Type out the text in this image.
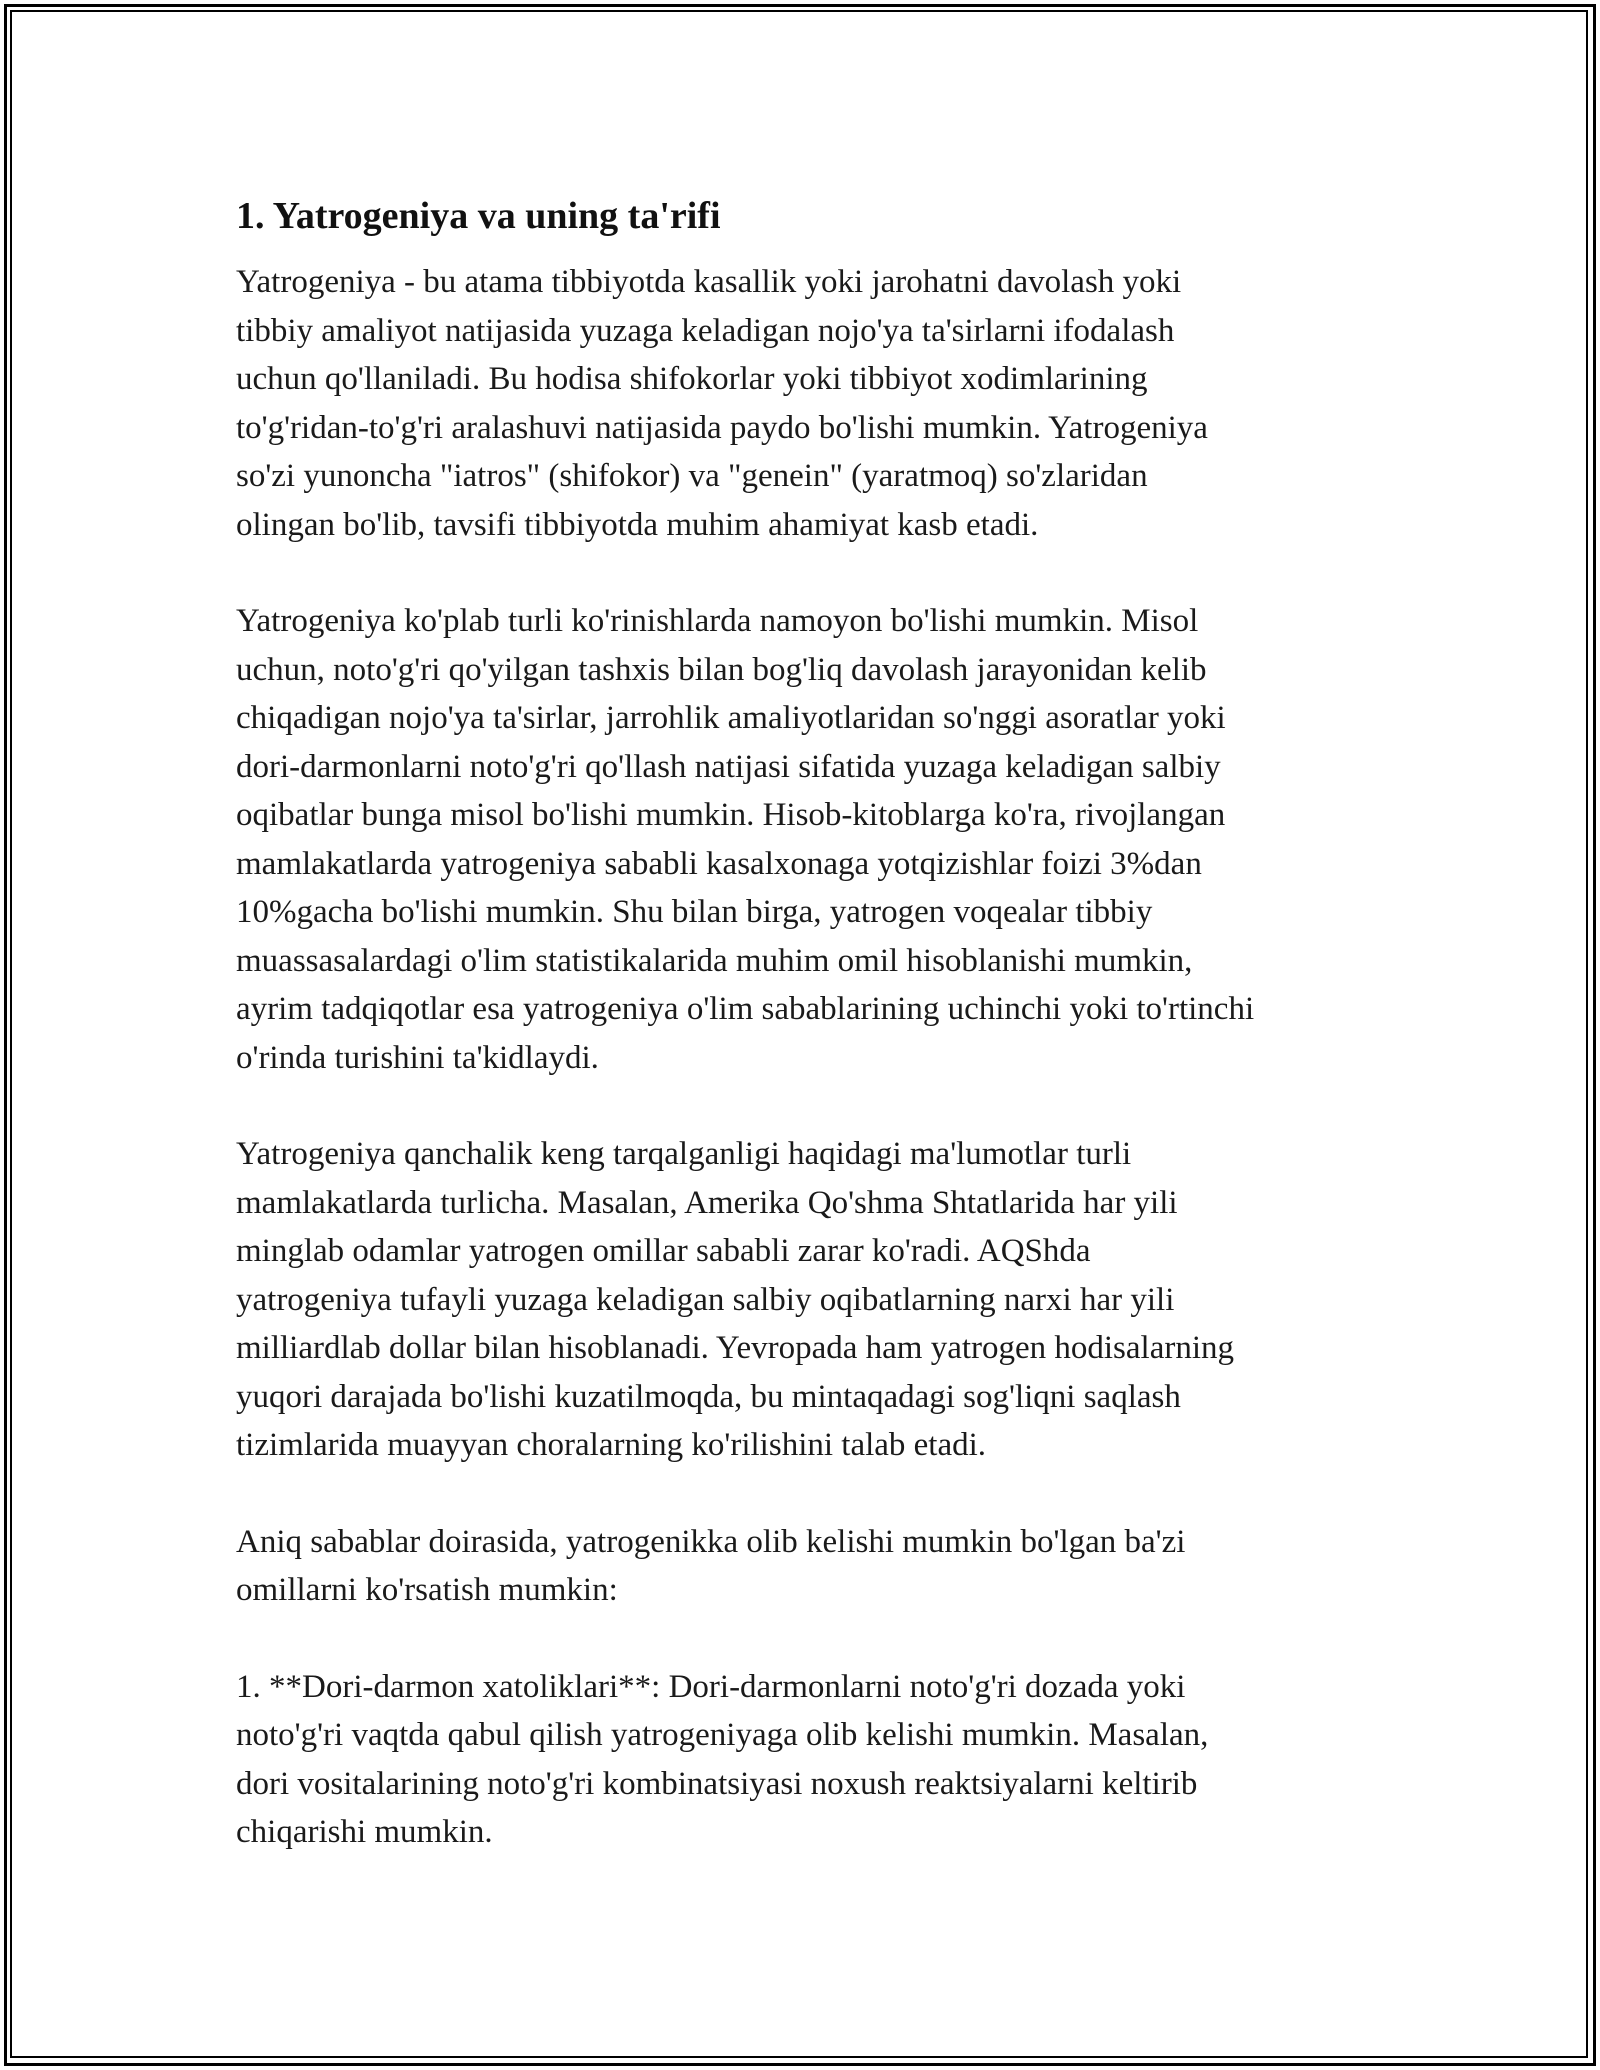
1. Yatrogeniya va uning ta'rifi

Yatrogeniya - bu atama tibbiyotda kasallik yoki jarohatni davolash yoki
tibbiy amaliyot natijasida yuzaga keladigan nojo'ya ta'sirlarni ifodalash
uchun qo'llaniladi. Bu hodisa shifokorlar yoki tibbiyot xodimlarining
to'g'ridan-to'g'ri aralashuvi natijasida paydo bo'lishi mumkin. Yatrogeniya
so'zi yunoncha "iatros" (shifokor) va "genein" (yaratmoq) so'zlaridan
olingan bo'lib, tavsifi tibbiyotda muhim ahamiyat kasb etadi.

Yatrogeniya ko'plab turli ko'rinishlarda namoyon bo'lishi mumkin. Misol
uchun, noto'g'ri qo'yilgan tashxis bilan bog'liq davolash jarayonidan kelib
chiqadigan nojo'ya ta'sirlar, jarrohlik amaliyotlaridan so'nggi asoratlar yoki
dori-darmonlarni noto'g'ri qo'llash natijasi sifatida yuzaga keladigan salbiy
oqibatlar bunga misol bo'lishi mumkin. Hisob-kitoblarga ko'ra, rivojlangan
mamlakatlarda yatrogeniya sababli kasalxonaga yotqizishlar foizi 3%dan
10%gacha bo'lishi mumkin. Shu bilan birga, yatrogen voqealar tibbiy
muassasalardagi o'lim statistikalarida muhim omil hisoblanishi mumkin,
ayrim tadqiqotlar esa yatrogeniya o'lim sabablarining uchinchi yoki to'rtinchi
o'rinda turishini ta'kidlaydi.

Yatrogeniya qanchalik keng tarqalganligi haqidagi ma'lumotlar turli
mamlakatlarda turlicha. Masalan, Amerika Qo'shma Shtatlarida har yili
minglab odamlar yatrogen omillar sababli zarar ko'radi. AQShda
yatrogeniya tufayli yuzaga keladigan salbiy oqibatlarning narxi har yili
milliardlab dollar bilan hisoblanadi. Yevropada ham yatrogen hodisalarning
yuqori darajada bo'lishi kuzatilmoqda, bu mintaqadagi sog'liqni saqlash
tizimlarida muayyan choralarning ko'rilishini talab etadi.

Aniq sabablar doirasida, yatrogenikka olib kelishi mumkin bo'lgan ba'zi
omillarni ko'rsatish mumkin:

1. **Dori-darmon xatoliklari**: Dori-darmonlarni noto'g'ri dozada yoki
noto'g'ri vaqtda qabul qilish yatrogeniyaga olib kelishi mumkin. Masalan,
dori vositalarining noto'g'ri kombinatsiyasi noxush reaktsiyalarni keltirib
chiqarishi mumkin.
